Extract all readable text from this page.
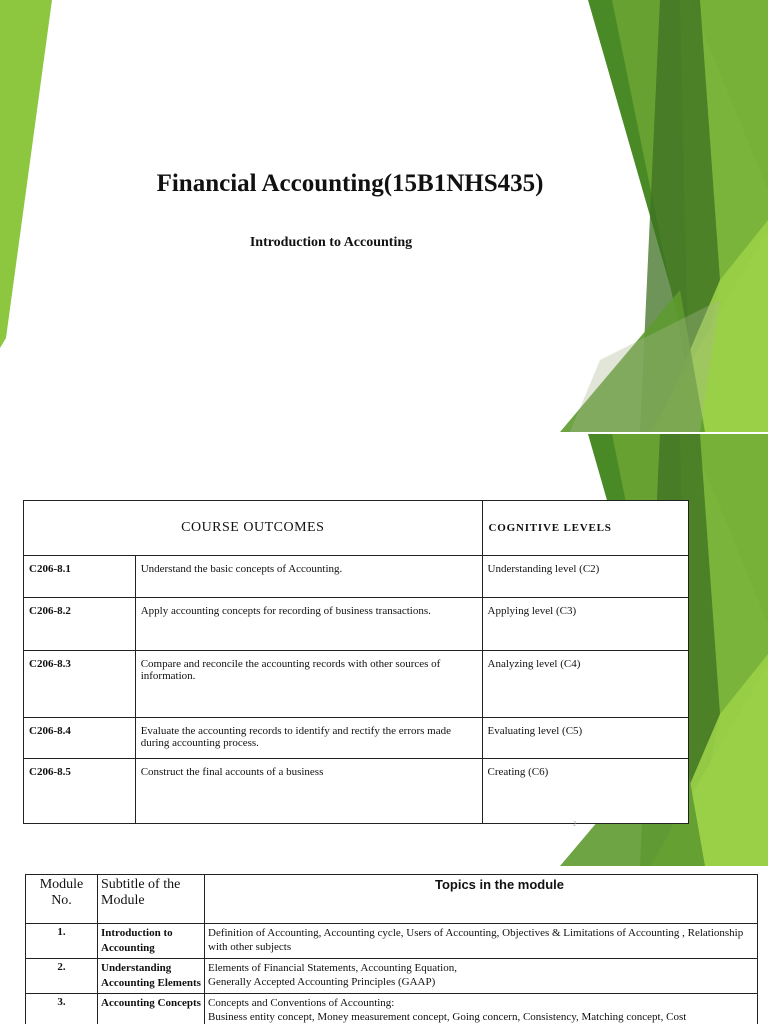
Financial Accounting(15B1NHS435)
Introduction to Accounting
COURSE OUTCOMES		COGNITIVE LEVELS
C206-8.1	Understand the basic concepts of Accounting.	Understanding level (C2)
C206-8.2	Apply accounting concepts for recording of business transactions.	Applying level (C3)
C206-8.3	Compare and reconcile the accounting records with other sources of information.	Analyzing level (C4)
C206-8.4	Evaluate the accounting records to identify and rectify the errors made during accounting process.	Evaluating level (C5)
C206-8.5	Construct the final accounts of a business	Creating (C6)
2
Module No.	Subtitle of the Module	Topics in the module
1.	Introduction to Accounting	Definition of Accounting, Accounting cycle, Users of Accounting, Objectives & Limitations of Accounting , Relationship with other subjects
2.	Understanding Accounting Elements	Elements of Financial Statements, Accounting Equation,
Generally Accepted Accounting Principles (GAAP)
3.	Accounting Concepts	Concepts and Conventions of Accounting:
Business entity concept, Money measurement concept, Going concern, Consistency, Matching concept, Cost
